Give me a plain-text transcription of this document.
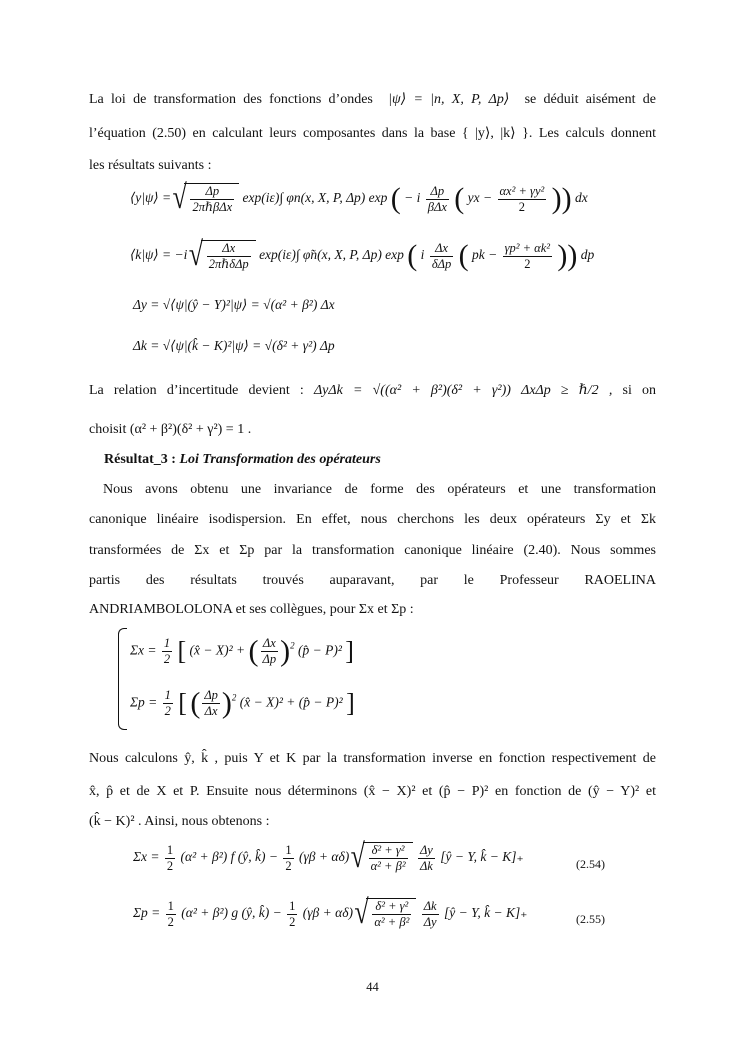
La loi de transformation des fonctions d’ondes |ψ⟩ = |n, X, P, Δp⟩ se déduit aisément de
l’équation (2.50) en calculant leurs composantes dans la base { |y⟩, |k⟩ }. Les calculs donnent
les résultats suivants :
⟨y|ψ⟩ = √ $\frac{\Delta p}{\text{2πℏβΔx}} \exp(i\varepsilon)\int$ φn(x, X, P, Δp) exp ( − i $\frac{\Delta p}{\text{βΔx}}$ ( yx − $\frac{\text{αx² + γy²}}{2}$ )) dx
⟨k|ψ⟩ = −i √ $\frac{\Delta x}{\text{2πℏδΔp}} \exp(i\varepsilon)\int$ φ̃n(x, X, P, Δp) exp ( i $\frac{\Delta x}{\text{δΔp}}$ ( pk − $\frac{\text{γp² + αk²}}{2}$ )) dp
Δy = √⟨ψ|(ŷ − Y)²|ψ⟩ = √(α² + β²) Δx
Δk = √⟨ψ|(k̂ − K)²|ψ⟩ = √(δ² + γ²) Δp
La relation d’incertitude devient : ΔyΔk = √((α² + β²)(δ² + γ²)) ΔxΔp ≥ ℏ/2 , si on
choisit (α² + β²)(δ² + γ²) = 1 .
Résultat_3 : Loi Transformation des opérateurs
Nous avons obtenu une invariance de forme des opérateurs et une transformation
canonique linéaire isodispersion. En effet, nous cherchons les deux opérateurs Σy et Σk
transformées de Σx et Σp par la transformation canonique linéaire (2.40). Nous sommes
partis des résultats trouvés auparavant, par le Professeur RAOELINA
ANDRIAMBOLOLONA et ses collègues, pour Σx et Σp :
$\Sigma x = \frac{1}{2}$ [ (x̂ − X)² + ( $\frac{\Delta x}{\Delta p} )^2$ (p̂ − P)² ]
$\Sigma p = \frac{1}{2}$ [ ( $\frac{\Delta p}{\Delta x} )^2$ (x̂ − X)² + (p̂ − P)² ]
Nous calculons ŷ, k̂ , puis Y et K par la transformation inverse en fonction respectivement de
x̂, p̂ et de X et P. Ensuite nous déterminons (x̂ − X)² et (p̂ − P)² en fonction de (ŷ − Y)² et
(k̂ − K)² . Ainsi, nous obtenons :
$\Sigma x = \frac{1}{2} (\alpha^2 + \beta^2)$ f (ŷ, k̂) − $\frac{1}{2} (\gamma\beta + \alpha\delta)$ √ $\frac{\text{δ² + γ²}}{\text{α² + β²}}$
$\frac{\Delta y}{\Delta k}$ [ŷ − Y, k̂ − K]₊	(2.54)
$\Sigma p = \frac{1}{2} (\alpha^2 + \beta^2)$ g (ŷ, k̂) − $\frac{1}{2} (\gamma\beta + \alpha\delta)$ √ $\frac{\text{δ² + γ²}}{\text{α² + β²}}$
$\frac{\Delta k}{\Delta y}$ [ŷ − Y, k̂ − K]₊	(2.55)
44
